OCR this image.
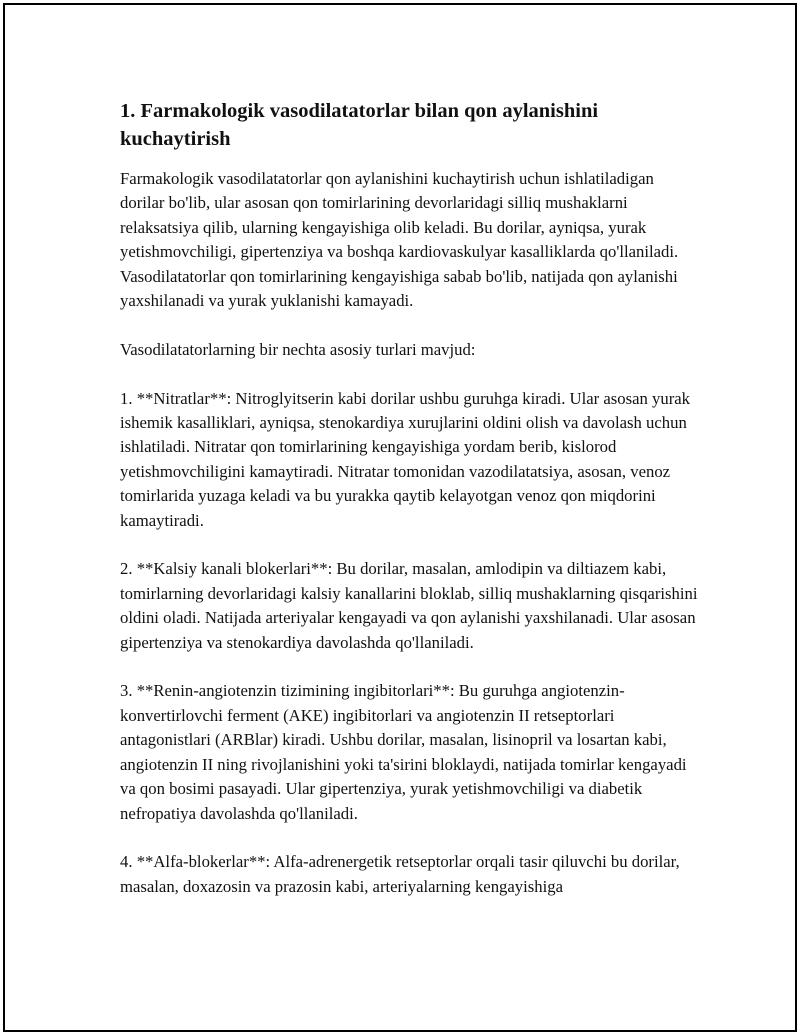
1. Farmakologik vasodilatatorlar bilan qon aylanishini kuchaytirish

Farmakologik vasodilatatorlar qon aylanishini kuchaytirish uchun ishlatiladigan dorilar bo'lib, ular asosan qon tomirlarining devorlaridagi silliq mushaklarni relaksatsiya qilib, ularning kengayishiga olib keladi. Bu dorilar, ayniqsa, yurak yetishmovchiligi, gipertenziya va boshqa kardiovaskulyar kasalliklarda qo'llaniladi. Vasodilatatorlar qon tomirlarining kengayishiga sabab bo'lib, natijada qon aylanishi yaxshilanadi va yurak yuklanishi kamayadi.

Vasodilatatorlarning bir nechta asosiy turlari mavjud:

1. **Nitratlar**: Nitroglyitserin kabi dorilar ushbu guruhga kiradi. Ular asosan yurak ishemik kasalliklari, ayniqsa, stenokardiya xurujlarini oldini olish va davolash uchun ishlatiladi. Nitratar qon tomirlarining kengayishiga yordam berib, kislorod yetishmovchiligini kamaytiradi. Nitratar tomonidan vazodilatatsiya, asosan, venoz tomirlarida yuzaga keladi va bu yurakka qaytib kelayotgan venoz qon miqdorini kamaytiradi.

2. **Kalsiy kanali blokerlari**: Bu dorilar, masalan, amlodipin va diltiazem kabi, tomirlarning devorlaridagi kalsiy kanallarini bloklab, silliq mushaklarning qisqarishini oldini oladi. Natijada arteriyalar kengayadi va qon aylanishi yaxshilanadi. Ular asosan gipertenziya va stenokardiya davolashda qo'llaniladi.

3. **Renin-angiotenzin tizimining ingibitorlari**: Bu guruhga angiotenzin-konvertirlovchi ferment (AKE) ingibitorlari va angiotenzin II retseptorlari antagonistlari (ARBlar) kiradi. Ushbu dorilar, masalan, lisinopril va losartan kabi, angiotenzin II ning rivojlanishini yoki ta'sirini bloklaydi, natijada tomirlar kengayadi va qon bosimi pasayadi. Ular gipertenziya, yurak yetishmovchiligi va diabetik nefropatiya davolashda qo'llaniladi.

4. **Alfa-blokerlar**: Alfa-adrenergetik retseptorlar orqali tasir qiluvchi bu dorilar, masalan, doxazosin va prazosin kabi, arteriyalarning kengayishiga
